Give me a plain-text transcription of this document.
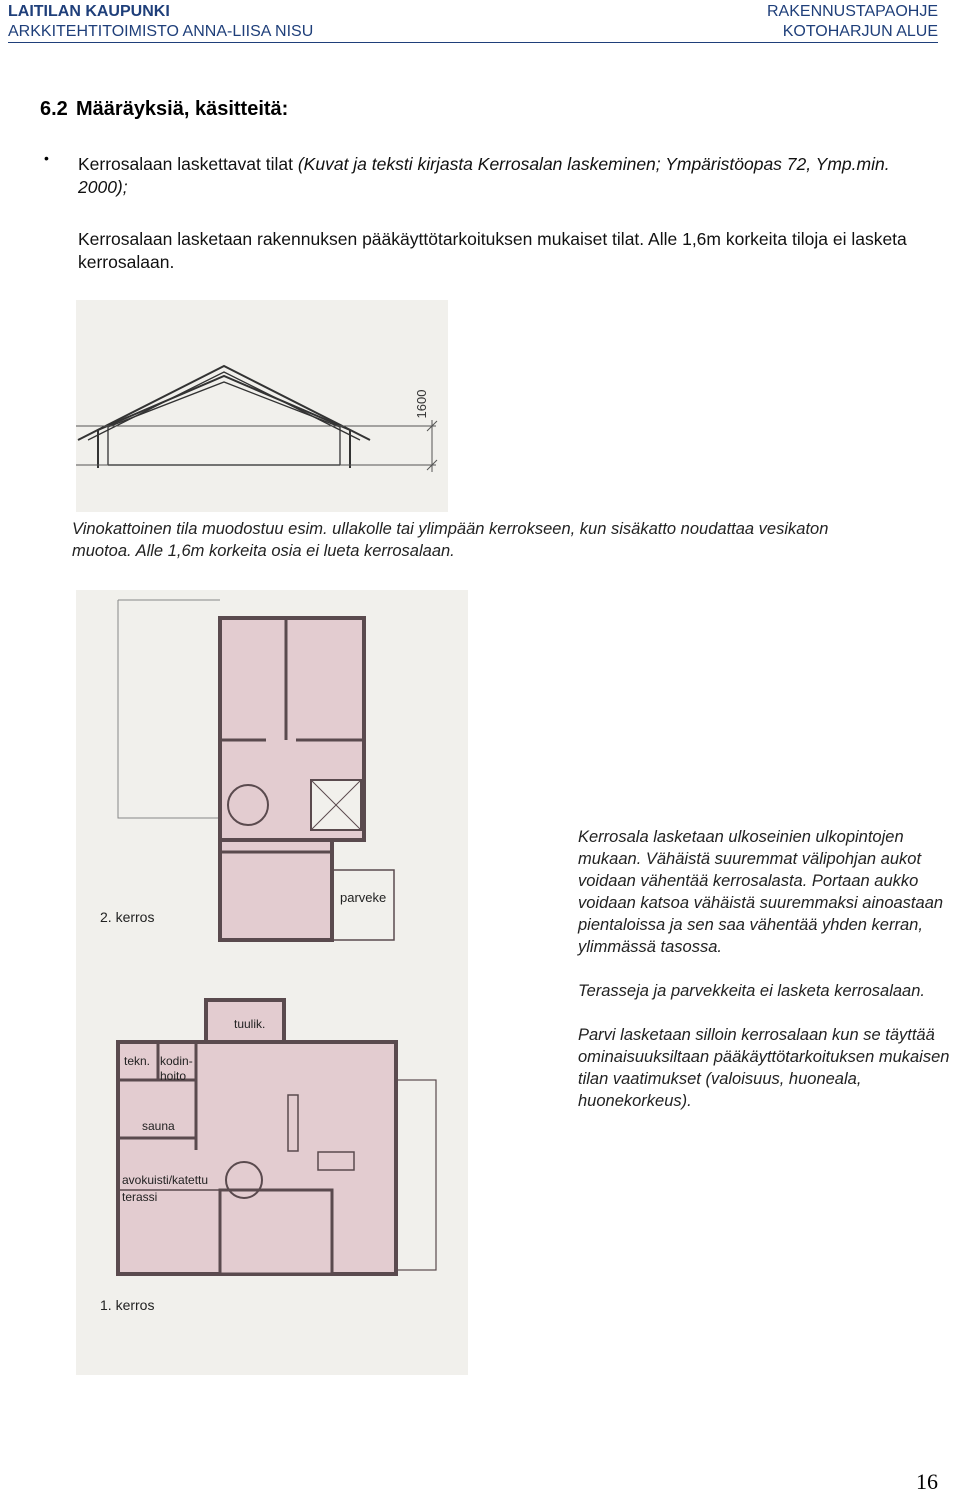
LAITILAN KAUPUNKI
ARKKITEHTITOIMISTO ANNA-LIISA NISU
RAKENNUSTAPAOHJE
KOTOHARJUN ALUE
6.2 Määräyksiä, käsitteitä:
• Kerrosalaan laskettavat tilat (Kuvat ja teksti kirjasta Kerrosalan laskeminen; Ympäristöopas 72, Ymp.min. 2000);
Kerrosalaan lasketaan rakennuksen pääkäyttötarkoituksen mukaiset tilat. Alle 1,6m korkeita tiloja ei lasketa kerrosalaan.
1600
Vinokattoinen tila muodostuu esim. ullakolle tai ylimpään kerrokseen, kun sisäkatto noudattaa vesikaton muotoa. Alle 1,6m korkeita osia ei lueta kerrosalaan.
parveke
2. kerros
tuulik.
tekn. kodin-
hoito
sauna
avokuisti/katettu
terassi
1. kerros

Kerrosala lasketaan ulkoseinien ulkopintojen mukaan. Vähäistä suuremmat välipohjan aukot voidaan vähentää kerrosalasta. Portaan aukko voidaan katsoa vähäistä suuremmaksi ainoastaan pientaloissa ja sen saa vähentää yhden kerran, ylimmässä tasossa.

Terasseja ja parvekkeita ei lasketa kerrosalaan.

Parvi lasketaan silloin kerrosalaan kun se täyttää ominaisuuksiltaan pääkäyttötarkoituksen mukaisen tilan vaatimukset (valoisuus, huoneala, huonekorkeus).

16
